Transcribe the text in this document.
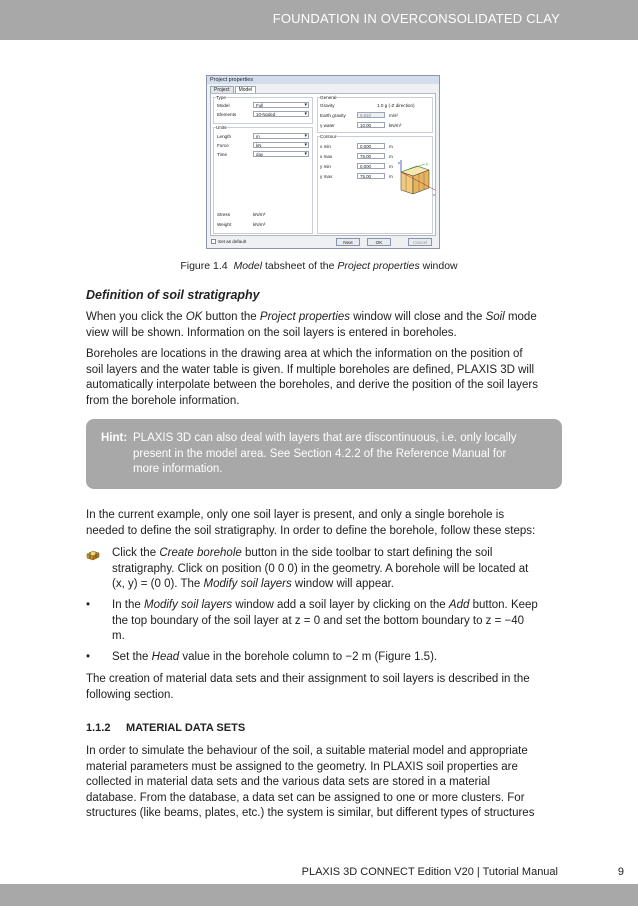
FOUNDATION IN OVERCONSOLIDATED CLAY
Project properties
Project Model
Type
Model	Full ▾
Elements	10-Noded ▾
Units
Length	m ▾
Force	kN ▾
Time	day ▾
Stress	kN/m²
Weight	kN/m³
General
Gravity	1.0 g (-Z direction)
Earth gravity	9.810	m/s²
γ water	10.00	kN/m³
Contour
x min	0.000	m
x max	75.00	m
y min	0.000	m
y max	75.00	m
z	y
x
Set as default	Next	OK	Cancel
Figure 1.4 Model tabsheet of the Project properties window
Definition of soil stratigraphy

When you click the OK button the Project properties window will close and the Soil mode
view will be shown. Information on the soil layers is entered in boreholes.

Boreholes are locations in the drawing area at which the information on the position of
soil layers and the water table is given. If multiple boreholes are defined, PLAXIS 3D will
automatically interpolate between the boreholes, and derive the position of the soil layers
from the borehole information.

Hint: PLAXIS 3D can also deal with layers that are discontinuous, i.e. only locally
present in the model area. See Section 4.2.2 of the Reference Manual for
more information.

In the current example, only one soil layer is present, and only a single borehole is
needed to define the soil stratigraphy. In order to define the borehole, follow these steps:

Click the Create borehole button in the side toolbar to start defining the soil
stratigraphy. Click on position (0 0 0) in the geometry. A borehole will be located at
(x, y) = (0 0). The Modify soil layers window will appear.

• In the Modify soil layers window add a soil layer by clicking on the Add button. Keep
the top boundary of the soil layer at z = 0 and set the bottom boundary to z = −40
m.

• Set the Head value in the borehole column to −2 m (Figure 1.5).

The creation of material data sets and their assignment to soil layers is described in the
following section.

1.1.2 MATERIAL DATA SETS

In order to simulate the behaviour of the soil, a suitable material model and appropriate
material parameters must be assigned to the geometry. In PLAXIS soil properties are
collected in material data sets and the various data sets are stored in a material
database. From the database, a data set can be assigned to one or more clusters. For
structures (like beams, plates, etc.) the system is similar, but different types of structures

PLAXIS 3D CONNECT Edition V20 | Tutorial Manual	9
